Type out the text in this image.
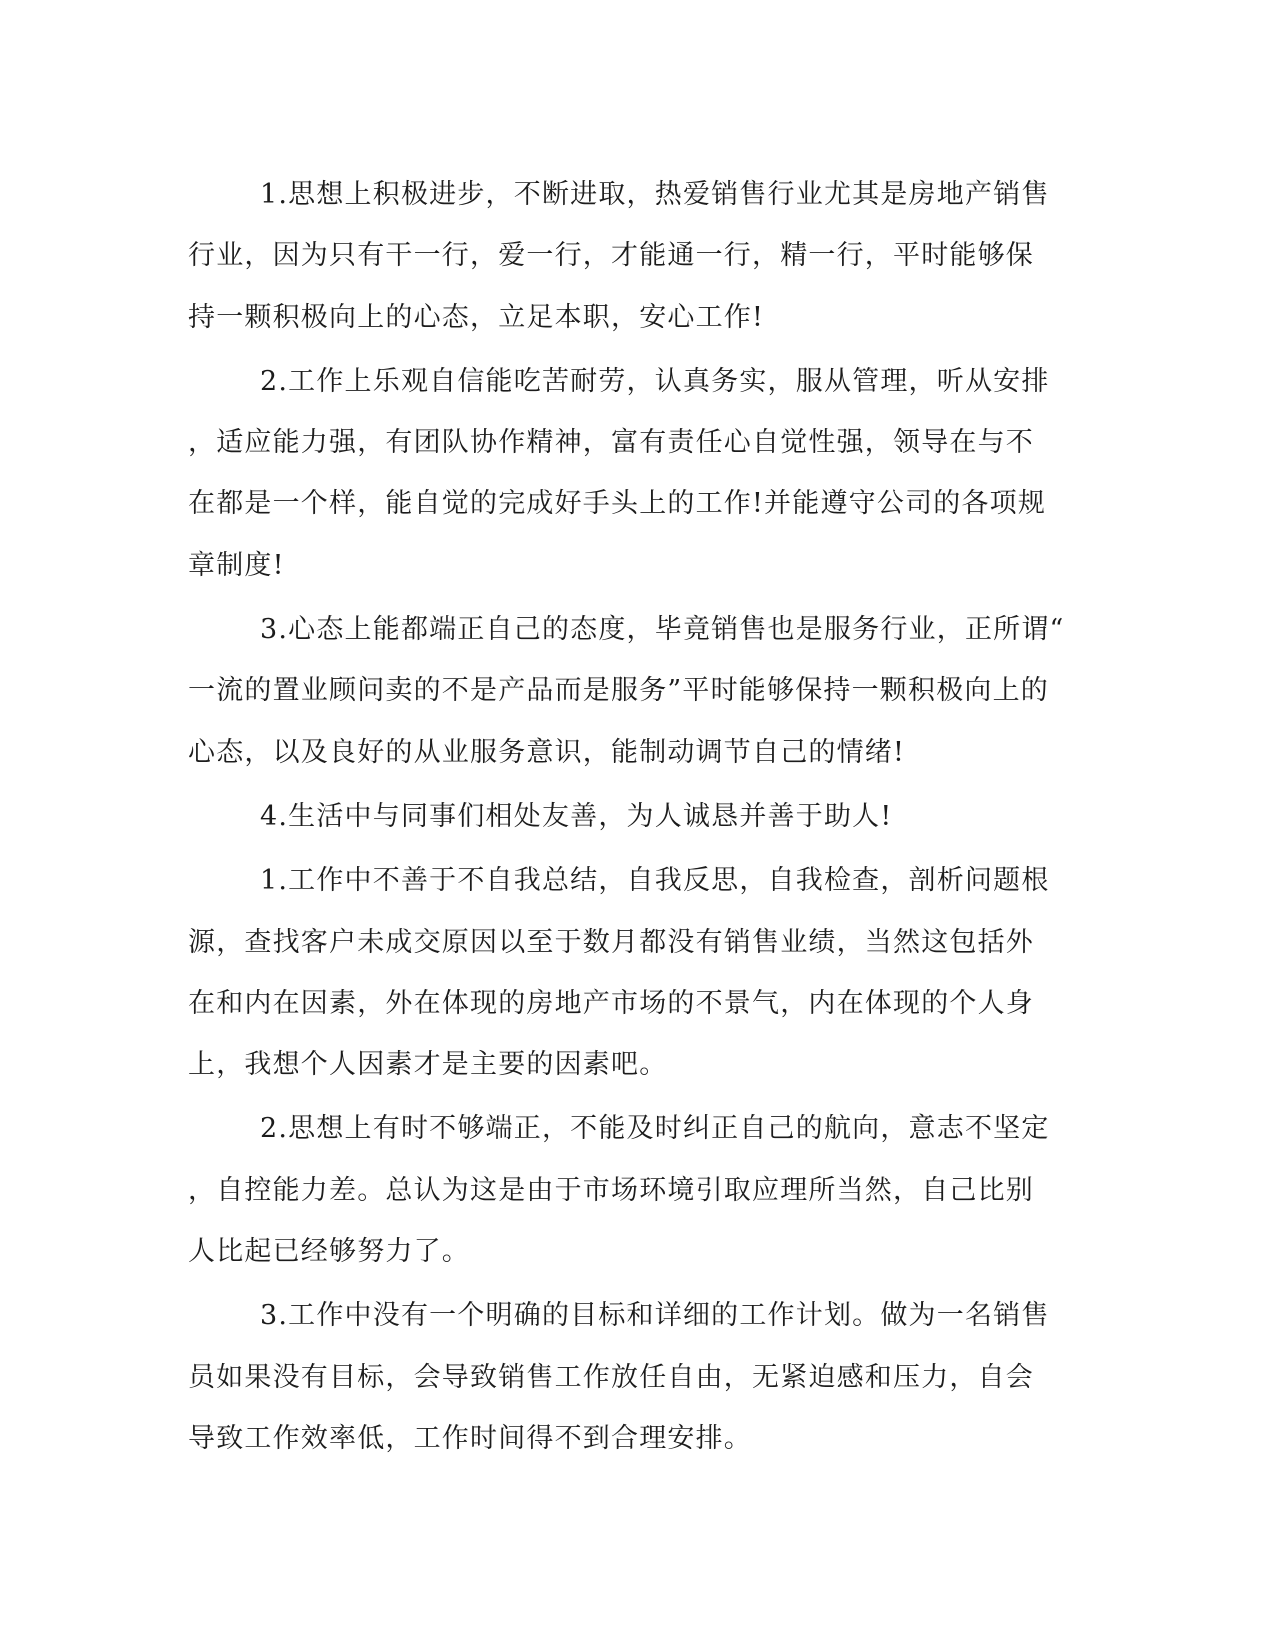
1.思想上积极进步，不断进取，热爱销售行业尤其是房地产销售
行业，因为只有干一行，爱一行，才能通一行，精一行，平时能够保
持一颗积极向上的心态，立足本职，安心工作!

2.工作上乐观自信能吃苦耐劳，认真务实，服从管理，听从安排
，适应能力强，有团队协作精神，富有责任心自觉性强，领导在与不
在都是一个样，能自觉的完成好手头上的工作!并能遵守公司的各项规
章制度!

3.心态上能都端正自己的态度，毕竟销售也是服务行业，正所谓“
一流的置业顾问卖的不是产品而是服务”平时能够保持一颗积极向上的
心态，以及良好的从业服务意识，能制动调节自己的情绪!

4.生活中与同事们相处友善，为人诚恳并善于助人!

1.工作中不善于不自我总结，自我反思，自我检查，剖析问题根
源，查找客户未成交原因以至于数月都没有销售业绩，当然这包括外
在和内在因素，外在体现的房地产市场的不景气，内在体现的个人身
上，我想个人因素才是主要的因素吧。

2.思想上有时不够端正，不能及时纠正自己的航向，意志不坚定
，自控能力差。总认为这是由于市场环境引取应理所当然，自己比别
人比起已经够努力了。

3.工作中没有一个明确的目标和详细的工作计划。做为一名销售
员如果没有目标，会导致销售工作放任自由，无紧迫感和压力，自会
导致工作效率低，工作时间得不到合理安排。
